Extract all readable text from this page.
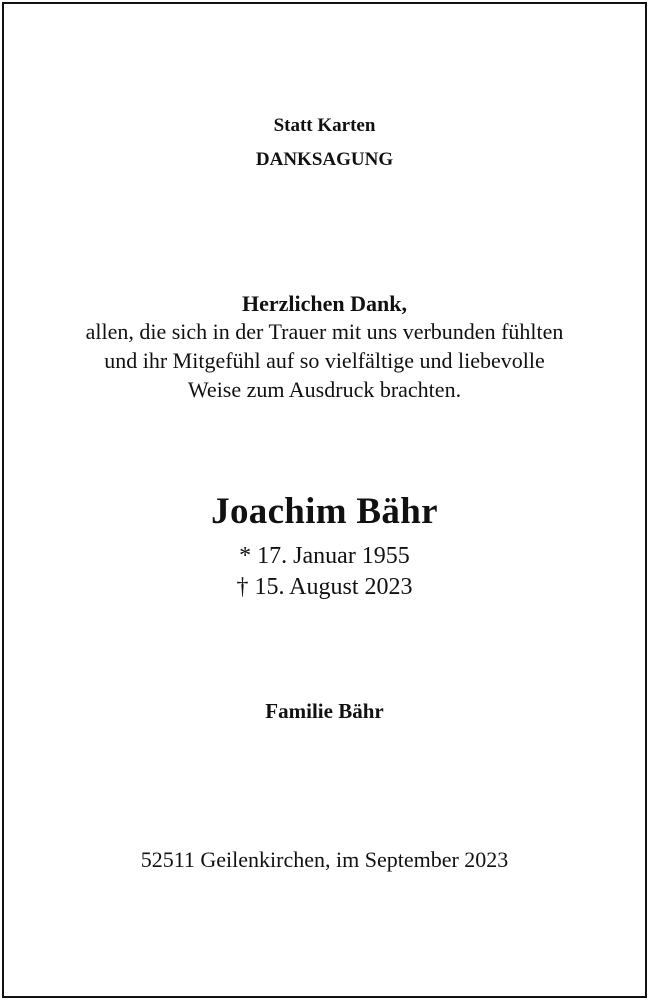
Statt Karten
DANKSAGUNG
Herzlichen Dank,
allen, die sich in der Trauer mit uns verbunden fühlten
und ihr Mitgefühl auf so vielfältige und liebevolle
Weise zum Ausdruck brachten.
Joachim Bähr
* 17. Januar 1955
† 15. August 2023
Familie Bähr
52511 Geilenkirchen, im September 2023
